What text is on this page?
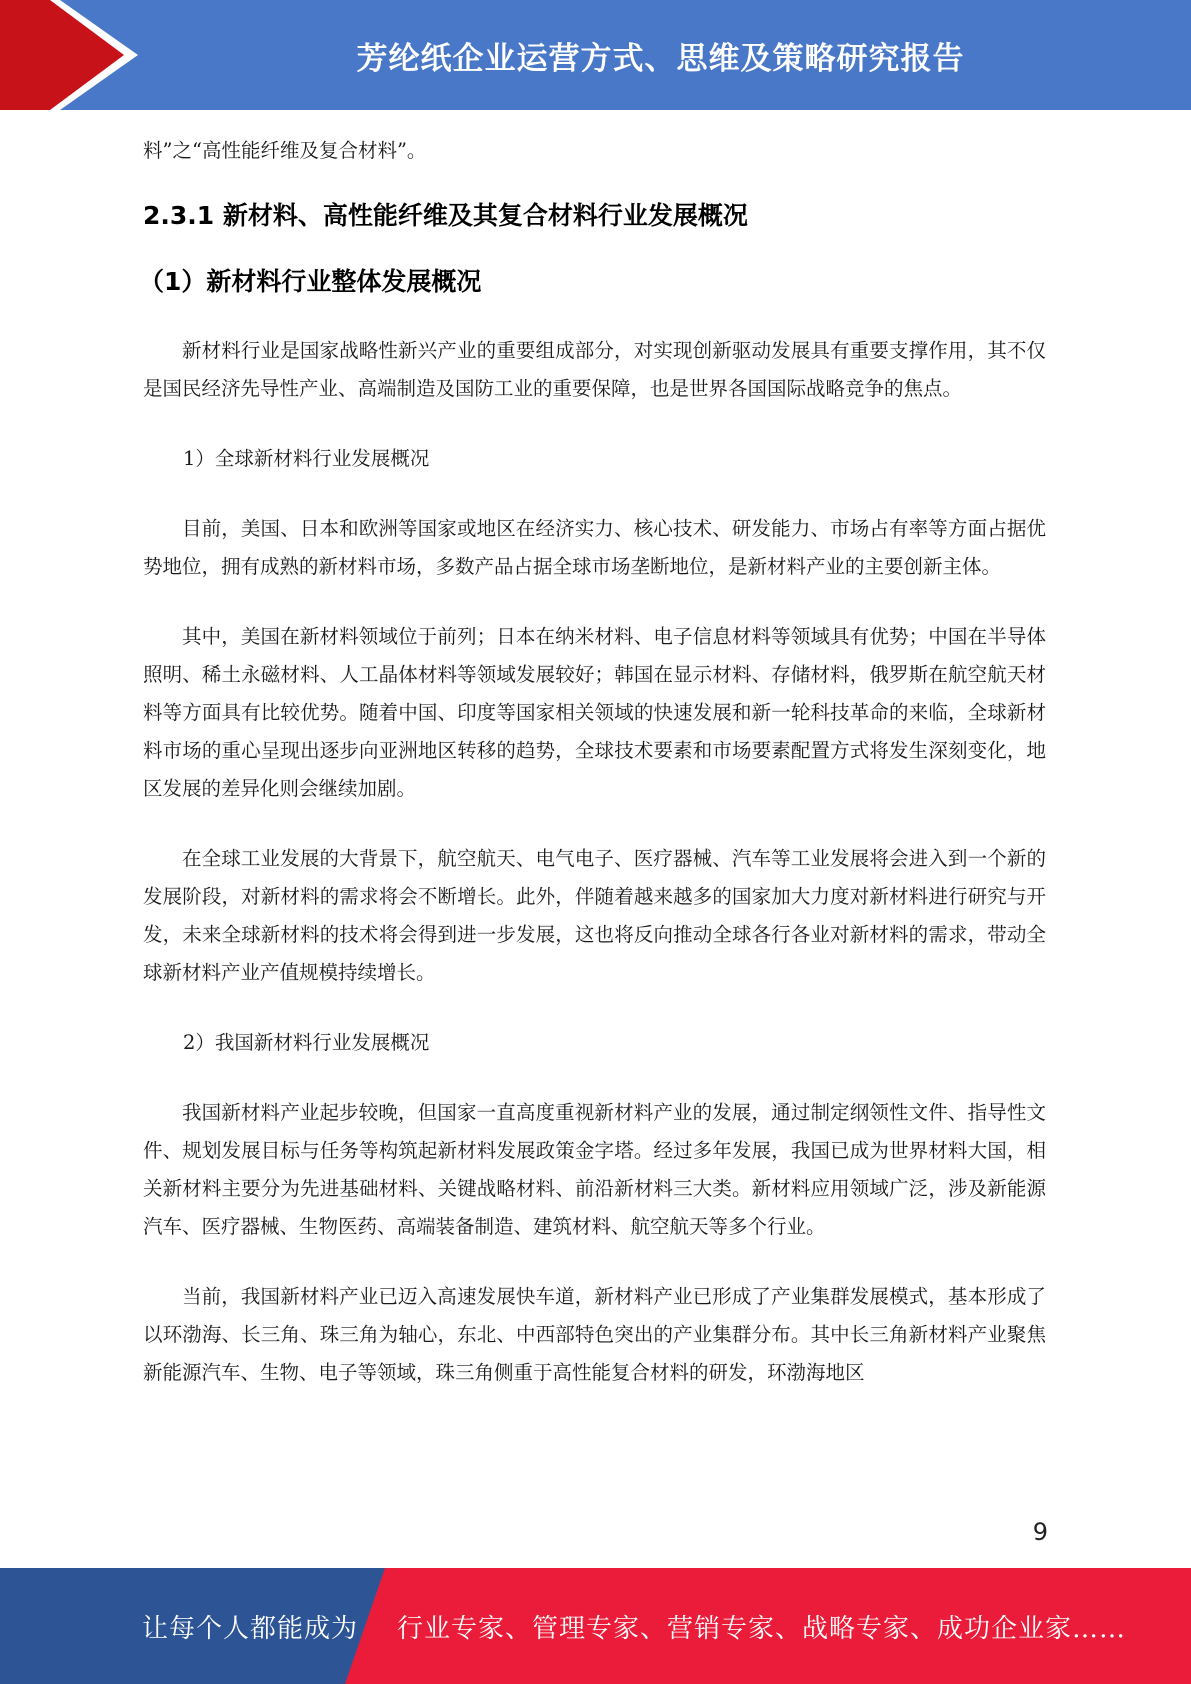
芳纶纸企业运营方式、思维及策略研究报告

料”之“高性能纤维及复合材料”。

2.3.1 新材料、高性能纤维及其复合材料行业发展概况
（1）新材料行业整体发展概况

新材料行业是国家战略性新兴产业的重要组成部分，对实现创新驱动发展具有重要支撑作用，其不仅是国民经济先导性产业、高端制造及国防工业的重要保障，也是世界各国国际战略竞争的焦点。

1）全球新材料行业发展概况

目前，美国、日本和欧洲等国家或地区在经济实力、核心技术、研发能力、市场占有率等方面占据优势地位，拥有成熟的新材料市场，多数产品占据全球市场垄断地位，是新材料产业的主要创新主体。

其中，美国在新材料领域位于前列；日本在纳米材料、电子信息材料等领域具有优势；中国在半导体照明、稀土永磁材料、人工晶体材料等领域发展较好；韩国在显示材料、存储材料，俄罗斯在航空航天材料等方面具有比较优势。随着中国、印度等国家相关领域的快速发展和新一轮科技革命的来临，全球新材料市场的重心呈现出逐步向亚洲地区转移的趋势，全球技术要素和市场要素配置方式将发生深刻变化，地区发展的差异化则会继续加剧。

在全球工业发展的大背景下，航空航天、电气电子、医疗器械、汽车等工业发展将会进入到一个新的发展阶段，对新材料的需求将会不断增长。此外，伴随着越来越多的国家加大力度对新材料进行研究与开发，未来全球新材料的技术将会得到进一步发展，这也将反向推动全球各行各业对新材料的需求，带动全球新材料产业产值规模持续增长。

2）我国新材料行业发展概况

我国新材料产业起步较晚，但国家一直高度重视新材料产业的发展，通过制定纲领性文件、指导性文件、规划发展目标与任务等构筑起新材料发展政策金字塔。经过多年发展，我国已成为世界材料大国，相关新材料主要分为先进基础材料、关键战略材料、前沿新材料三大类。新材料应用领域广泛，涉及新能源汽车、医疗器械、生物医药、高端装备制造、建筑材料、航空航天等多个行业。

当前，我国新材料产业已迈入高速发展快车道，新材料产业已形成了产业集群发展模式，基本形成了以环渤海、长三角、珠三角为轴心，东北、中西部特色突出的产业集群分布。其中长三角新材料产业聚焦新能源汽车、生物、电子等领域，珠三角侧重于高性能复合材料的研发，环渤海地区

9
让每个人都能成为 行业专家、管理专家、营销专家、战略专家、成功企业家……
